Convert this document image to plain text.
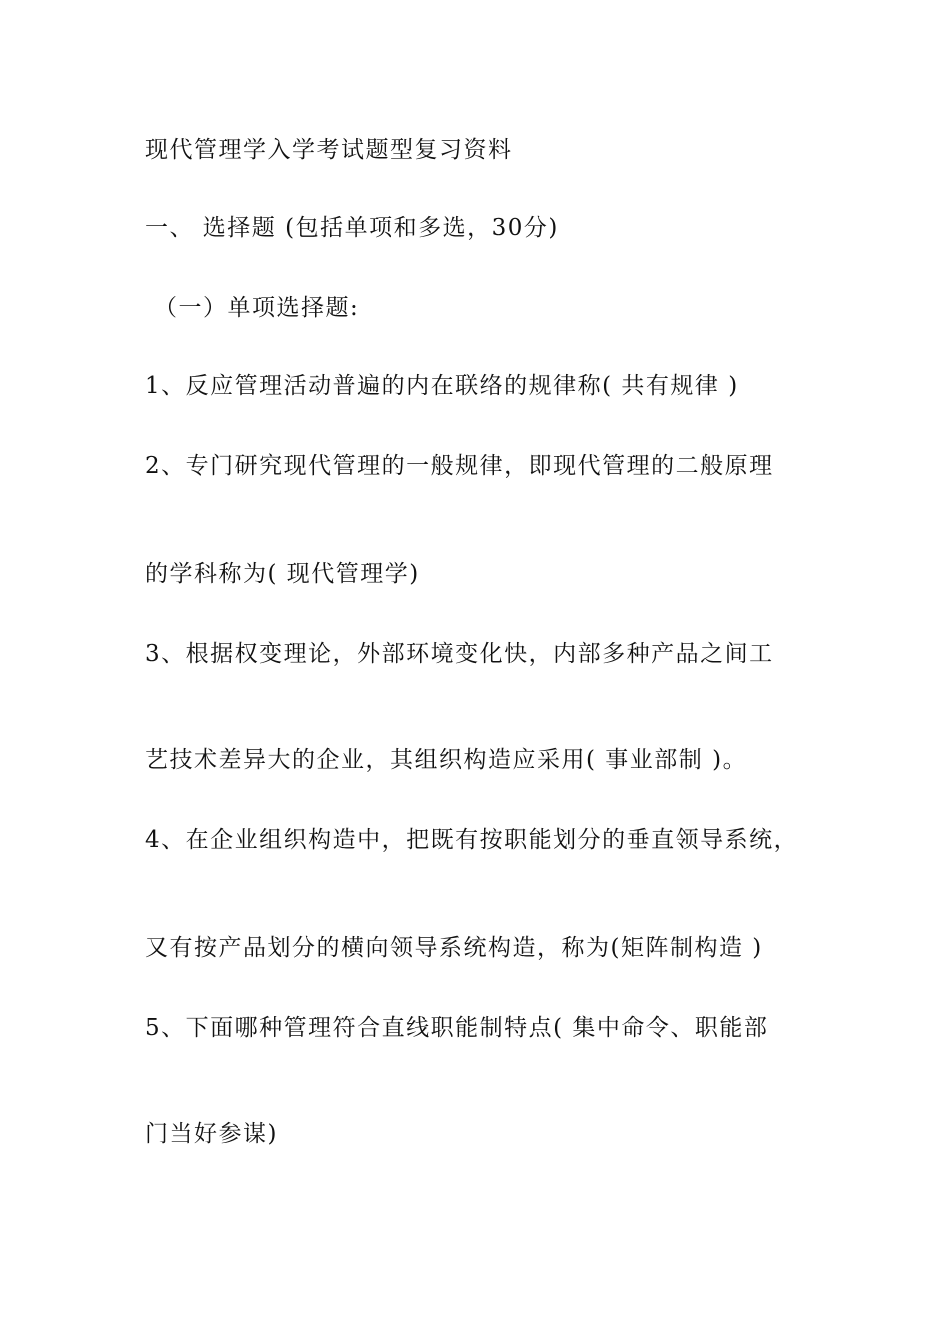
现代管理学入学考试题型复习资料
一、 选择题 (包括单项和多选，30分)
（一）单项选择题:
1、反应管理活动普遍的内在联络的规律称( 共有规律 )
2、专门研究现代管理的一般规律，即现代管理的二般原理
的学科称为( 现代管理学)
3、根据权变理论，外部环境变化快，内部多种产品之间工
艺技术差异大的企业，其组织构造应采用( 事业部制 )。
4、在企业组织构造中，把既有按职能划分的垂直领导系统，
又有按产品划分的横向领导系统构造，称为(矩阵制构造 )
5、下面哪种管理符合直线职能制特点( 集中命令、职能部
门当好参谋)
